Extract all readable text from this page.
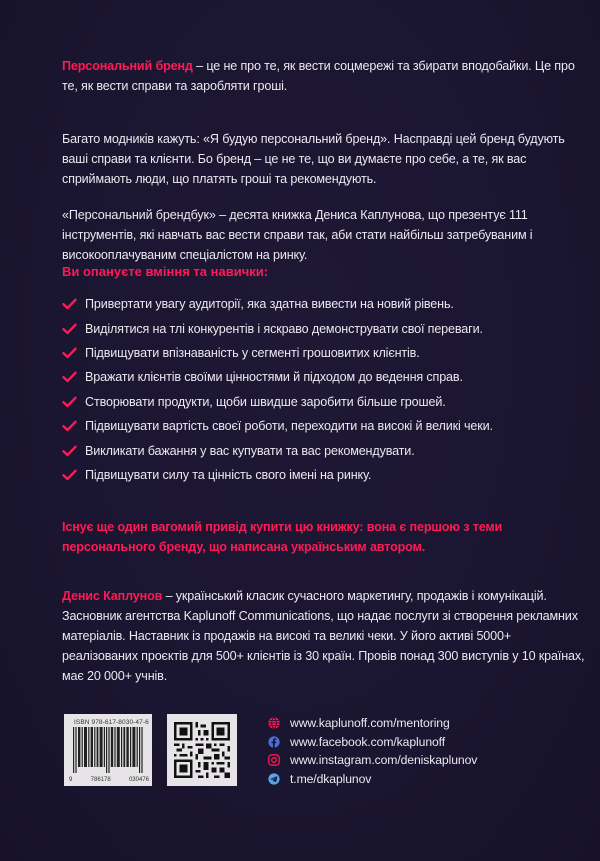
Персональний бренд – це не про те, як вести соцмережі та збирати вподобайки. Це про те, як вести справи та заробляти гроші.

Багато модників кажуть: «Я будую персональний бренд». Насправді цей бренд будують ваші справи та клієнти. Бо бренд – це не те, що ви думаєте про себе, а те, як вас сприймають люди, що платять гроші та рекомендують.

«Персональний брендбук» – десята книжка Дениса Каплунова, що презентує 111 інструментів, які навчать вас вести справи так, аби стати найбільш затребуваним і високооплачуваним спеціалістом на ринку.

Ви опануєте вміння та навички:
Привертати увагу аудиторії, яка здатна вивести на новий рівень.
Виділятися на тлі конкурентів і яскраво демонструвати свої переваги.
Підвищувати впізнаваність у сегменті грошовитих клієнтів.
Вражати клієнтів своїми цінностями й підходом до ведення справ.
Створювати продукти, щоби швидше заробити більше грошей.
Підвищувати вартість своєї роботи, переходити на високі й великі чеки.
Викликати бажання у вас купувати та вас рекомендувати.
Підвищувати силу та цінність свого імені на ринку.

Існує ще один вагомий привід купити цю книжку: вона є першою з теми персонального бренду, що написана українським автором.

Денис Каплунов – український класик сучасного маркетингу, продажів і комунікацій. Засновник агентства Kaplunoff Communications, що надає послуги зі створення рекламних матеріалів. Наставник із продажів на високі та великі чеки. У його активі 5000+ реалізованих проєктів для 500+ клієнтів із 30 країн. Провів понад 300 виступів у 10 країнах, має 20 000+ учнів.

ISBN 978-617-8030-47-6
9	786178	030476
www.kaplunoff.com/mentoring
www.facebook.com/kaplunoff
www.instagram.com/deniskaplunov
t.me/dkaplunov
